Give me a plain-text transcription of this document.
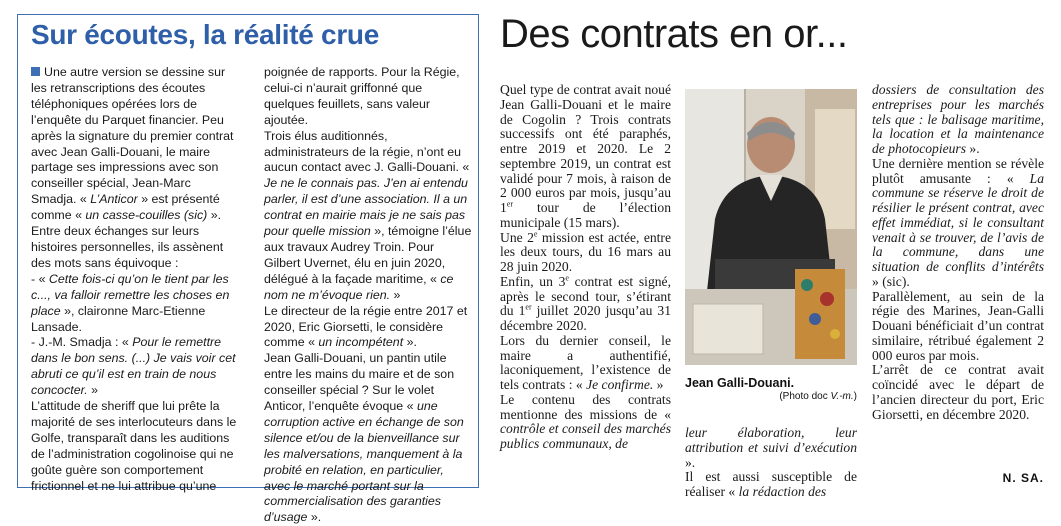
Sur écoutes, la réalité crue

Une autre version se dessine sur les retranscriptions des écoutes téléphoniques opérées lors de l’enquête du Parquet financier. Peu après la signature du premier contrat avec Jean Galli-Douani, le maire partage ses impressions avec son conseiller spécial, Jean-Marc Smadja. « L’Anticor » est présenté comme « un casse-couilles (sic) ». Entre deux échanges sur leurs histoires personnelles, ils assènent des mots sans équivoque :

- « Cette fois-ci qu’on le tient par les c..., va falloir remettre les choses en place », claironne Marc-Etienne Lansade.

- J.-M. Smadja : « Pour le remettre dans le bon sens. (...) Je vais voir cet abruti ce qu’il est en train de nous concocter. »

L’attitude de sheriff que lui prête la majorité de ses interlocuteurs dans le Golfe, transparaît dans les auditions de l’administration cogolinoise qui ne goûte guère son comportement frictionnel et ne lui attribue qu’une

poignée de rapports. Pour la Régie, celui-ci n’aurait griffonné que quelques feuillets, sans valeur ajoutée.

Trois élus auditionnés, administrateurs de la régie, n’ont eu aucun contact avec J. Galli-Douani. « Je ne le connais pas. J’en ai entendu parler, il est d’une association. Il a un contrat en mairie mais je ne sais pas pour quelle mission », témoigne l’élue aux travaux Audrey Troin. Pour Gilbert Uvernet, élu en juin 2020, délégué à la façade maritime, « ce nom ne m’évoque rien. »

Le directeur de la régie entre 2017 et 2020, Eric Giorsetti, le considère comme « un incompétent ».

Jean Galli-Douani, un pantin utile entre les mains du maire et de son conseiller spécial ? Sur le volet Anticor, l’enquête évoque « une corruption active en échange de son silence et/ou de la bienveillance sur les malversations, manquement à la probité en relation, en particulier, avec le marché portant sur la commercialisation des garanties d’usage ».

Des contrats en or...

Quel type de contrat avait noué Jean Galli-Douani et le maire de Cogolin ? Trois contrats successifs ont été paraphés, entre 2019 et 2020. Le 2 septembre 2019, un contrat est validé pour 7 mois, à raison de 2 000 euros par mois, jusqu’au 1er tour de l’élection municipale (15 mars).

Une 2e mission est actée, entre les deux tours, du 16 mars au 28 juin 2020.

Enfin, un 3e contrat est signé, après le second tour, s’étirant du 1er juillet 2020 jusqu’au 31 décembre 2020.

Lors du dernier conseil, le maire a authentifié, laconiquement, l’existence de tels contrats : « Je confirme. »

Le contenu des contrats mentionne des missions de « contrôle et conseil des marchés publics communaux, de

Jean Galli-Douani.
(Photo doc V.-m.)

leur élaboration, leur attribution et suivi d’exécution ».

Il est aussi susceptible de réaliser « la rédaction des

dossiers de consultation des entreprises pour les marchés tels que : le balisage maritime, la location et la maintenance de photocopieurs ».

Une dernière mention se révèle plutôt amusante : « La commune se réserve le droit de résilier le présent contrat, avec effet immédiat, si le consultant venait à se trouver, de l’avis de la commune, dans une situation de conflits d’intérêts » (sic).

Parallèlement, au sein de la régie des Marines, Jean-Galli Douani bénéficiait d’un contrat similaire, rétribué également 2 000 euros par mois.

L’arrêt de ce contrat avait coïncidé avec le départ de l’ancien directeur du port, Eric Giorsetti, en décembre 2020.

N. SA.
